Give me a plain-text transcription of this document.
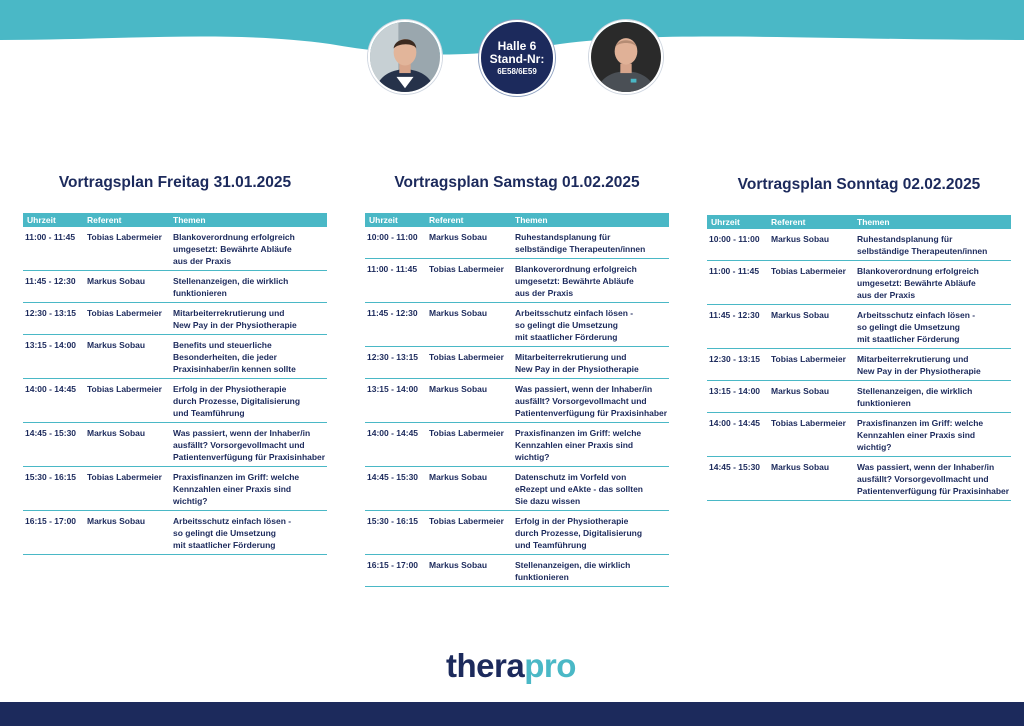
Halle 6
Stand-Nr:
6E58/6E59
Vortragsplan Freitag 31.01.2025
Uhrzeit	Referent	Themen
11:00 - 11:45	Tobias Labermeier	Blankoverordnung erfolgreich
umgesetzt: Bewährte Abläufe
aus der Praxis
11:45 - 12:30	Markus Sobau	Stellenanzeigen, die wirklich
funktionieren
12:30 - 13:15	Tobias Labermeier	Mitarbeiterrekrutierung und
New Pay in der Physiotherapie
13:15 - 14:00	Markus Sobau	Benefits und steuerliche
Besonderheiten, die jeder
Praxisinhaber/in kennen sollte
14:00 - 14:45	Tobias Labermeier	Erfolg in der Physiotherapie
durch Prozesse, Digitalisierung
und Teamführung
14:45 - 15:30	Markus Sobau	Was passiert, wenn der Inhaber/in
ausfällt? Vorsorgevollmacht und
Patientenverfügung für Praxisinhaber
15:30 - 16:15	Tobias Labermeier	Praxisfinanzen im Griff: welche
Kennzahlen einer Praxis sind wichtig?
16:15 - 17:00	Markus Sobau	Arbeitsschutz einfach lösen -
so gelingt die Umsetzung
mit staatlicher Förderung
Vortragsplan Samstag 01.02.2025
Uhrzeit	Referent	Themen
10:00 - 11:00	Markus Sobau	Ruhestandsplanung für
selbständige Therapeuten/innen
11:00 - 11:45	Tobias Labermeier	Blankoverordnung erfolgreich
umgesetzt: Bewährte Abläufe
aus der Praxis
11:45 - 12:30	Markus Sobau	Arbeitsschutz einfach lösen -
so gelingt die Umsetzung
mit staatlicher Förderung
12:30 - 13:15	Tobias Labermeier	Mitarbeiterrekrutierung und
New Pay in der Physiotherapie
13:15 - 14:00	Markus Sobau	Was passiert, wenn der Inhaber/in
ausfällt? Vorsorgevollmacht und
Patientenverfügung für Praxisinhaber
14:00 - 14:45	Tobias Labermeier	Praxisfinanzen im Griff: welche
Kennzahlen einer Praxis sind wichtig?
14:45 - 15:30	Markus Sobau	Datenschutz im Vorfeld von
eRezept und eAkte - das sollten
Sie dazu wissen
15:30 - 16:15	Tobias Labermeier	Erfolg in der Physiotherapie
durch Prozesse, Digitalisierung
und Teamführung
16:15 - 17:00	Markus Sobau	Stellenanzeigen, die wirklich
funktionieren
Vortragsplan Sonntag 02.02.2025
Uhrzeit	Referent	Themen
10:00 - 11:00	Markus Sobau	Ruhestandsplanung für
selbständige Therapeuten/innen
11:00 - 11:45	Tobias Labermeier	Blankoverordnung erfolgreich
umgesetzt: Bewährte Abläufe
aus der Praxis
11:45 - 12:30	Markus Sobau	Arbeitsschutz einfach lösen -
so gelingt die Umsetzung
mit staatlicher Förderung
12:30 - 13:15	Tobias Labermeier	Mitarbeiterrekrutierung und
New Pay in der Physiotherapie
13:15 - 14:00	Markus Sobau	Stellenanzeigen, die wirklich
funktionieren
14:00 - 14:45	Tobias Labermeier	Praxisfinanzen im Griff: welche
Kennzahlen einer Praxis sind wichtig?
14:45 - 15:30	Markus Sobau	Was passiert, wenn der Inhaber/in
ausfällt? Vorsorgevollmacht und
Patientenverfügung für Praxisinhaber
therapro
